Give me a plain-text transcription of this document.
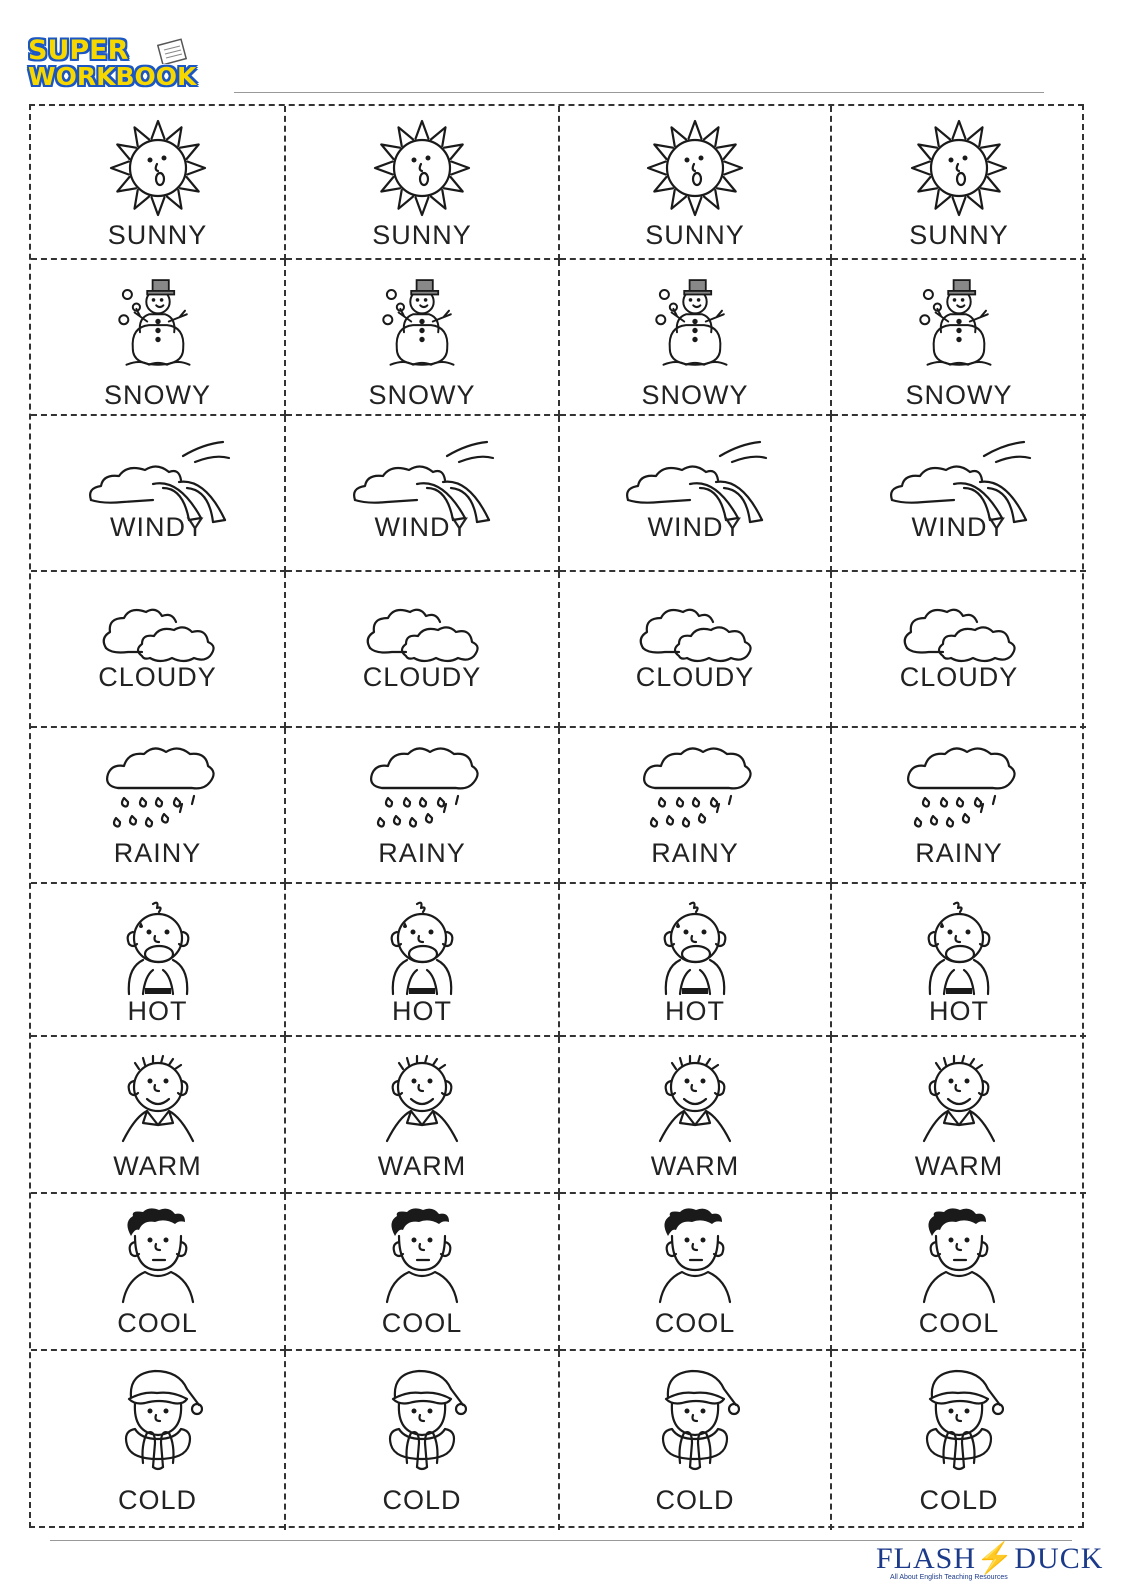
SUPER
WORKBOOK
SUNNY	SUNNY	SUNNY	SUNNY
SNOWY	SNOWY	SNOWY	SNOWY
WINDY	WINDY	WINDY	WINDY
CLOUDY	CLOUDY	CLOUDY	CLOUDY
RAINY	RAINY	RAINY	RAINY
HOT	HOT	HOT	HOT
WARM	WARM	WARM	WARM
COOL	COOL	COOL	COOL
COLD	COLD	COLD	COLD
FLASH⚡DUCK
All About English Teaching Resources
